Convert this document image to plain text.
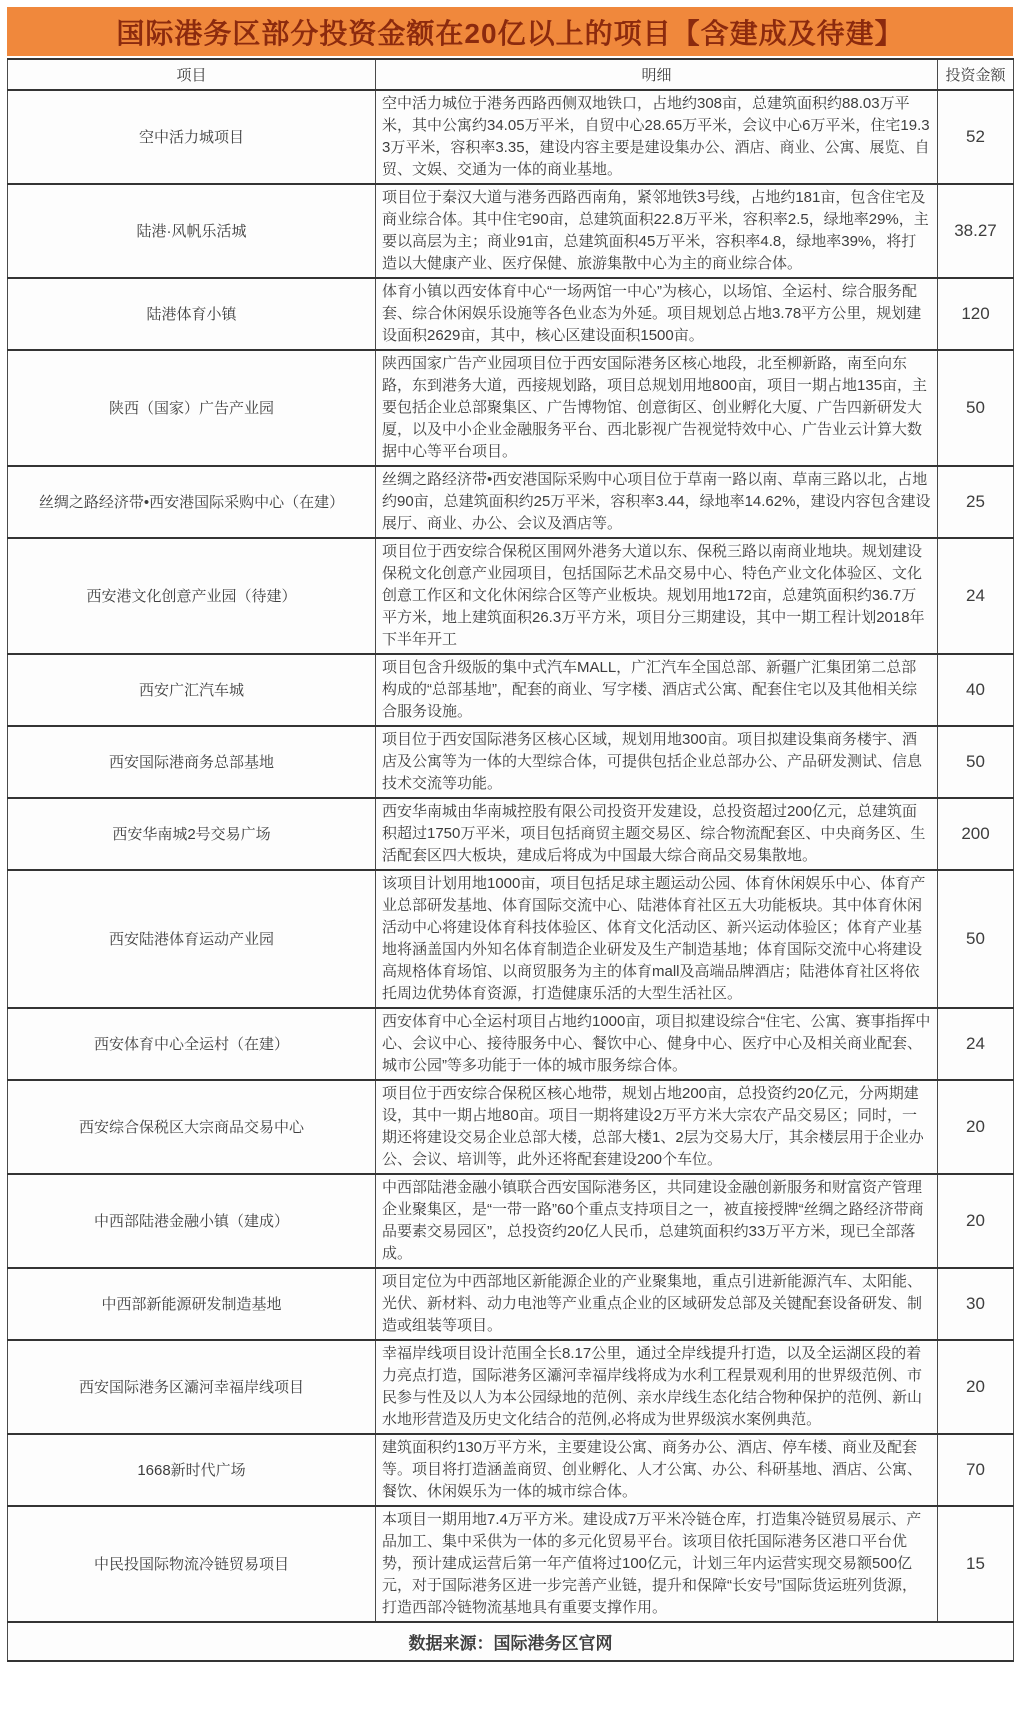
国际港务区部分投资金额在20亿以上的项目【含建成及待建】
项目	明细	投资金额
空中活力城项目	空中活力城位于港务西路西侧双地铁口，占地约308亩，总建筑面积约88.03万平米，其中公寓约34.05万平米，自贸中心28.65万平米，会议中心6万平米，住宅19.33万平米，容积率3.35，建设内容主要是建设集办公、酒店、商业、公寓、展览、自贸、文娱、交通为一体的商业基地。	52
陆港·风帆乐活城	项目位于秦汉大道与港务西路西南角，紧邻地铁3号线，占地约181亩，包含住宅及商业综合体。其中住宅90亩，总建筑面积22.8万平米，容积率2.5，绿地率29%，主要以高层为主；商业91亩，总建筑面积45万平米，容积率4.8，绿地率39%，将打造以大健康产业、医疗保健、旅游集散中心为主的商业综合体。	38.27
陆港体育小镇	体育小镇以西安体育中心“一场两馆一中心”为核心，以场馆、全运村、综合服务配套、综合休闲娱乐设施等各色业态为外延。项目规划总占地3.78平方公里，规划建设面积2629亩，其中，核心区建设面积1500亩。	120
陕西（国家）广告产业园	陕西国家广告产业园项目位于西安国际港务区核心地段，北至柳新路，南至向东路，东到港务大道，西接规划路，项目总规划用地800亩，项目一期占地135亩，主要包括企业总部聚集区、广告博物馆、创意街区、创业孵化大厦、广告四新研发大厦，以及中小企业金融服务平台、西北影视广告视觉特效中心、广告业云计算大数据中心等平台项目。	50
丝绸之路经济带•西安港国际采购中心（在建）	丝绸之路经济带•西安港国际采购中心项目位于草南一路以南、草南三路以北，占地约90亩，总建筑面积约25万平米，容积率3.44，绿地率14.62%，建设内容包含建设展厅、商业、办公、会议及酒店等。	25
西安港文化创意产业园（待建）	项目位于西安综合保税区围网外港务大道以东、保税三路以南商业地块。规划建设保税文化创意产业园项目，包括国际艺术品交易中心、特色产业文化体验区、文化创意工作区和文化休闲综合区等产业板块。规划用地172亩，总建筑面积约36.7万平方米，地上建筑面积26.3万平方米，项目分三期建设，其中一期工程计划2018年下半年开工	24
西安广汇汽车城	项目包含升级版的集中式汽车MALL，广汇汽车全国总部、新疆广汇集团第二总部构成的“总部基地”，配套的商业、写字楼、酒店式公寓、配套住宅以及其他相关综合服务设施。	40
西安国际港商务总部基地	项目位于西安国际港务区核心区域，规划用地300亩。项目拟建设集商务楼宇、酒店及公寓等为一体的大型综合体，可提供包括企业总部办公、产品研发测试、信息技术交流等功能。	50
西安华南城2号交易广场	西安华南城由华南城控股有限公司投资开发建设，总投资超过200亿元，总建筑面积超过1750万平米，项目包括商贸主题交易区、综合物流配套区、中央商务区、生活配套区四大板块，建成后将成为中国最大综合商品交易集散地。	200
西安陆港体育运动产业园	该项目计划用地1000亩，项目包括足球主题运动公园、体育休闲娱乐中心、体育产业总部研发基地、体育国际交流中心、陆港体育社区五大功能板块。其中体育休闲活动中心将建设体育科技体验区、体育文化活动区、新兴运动体验区；体育产业基地将涵盖国内外知名体育制造企业研发及生产制造基地；体育国际交流中心将建设高规格体育场馆、以商贸服务为主的体育mall及高端品牌酒店；陆港体育社区将依托周边优势体育资源，打造健康乐活的大型生活社区。	50
西安体育中心全运村（在建）	西安体育中心全运村项目占地约1000亩，项目拟建设综合“住宅、公寓、赛事指挥中心、会议中心、接待服务中心、餐饮中心、健身中心、医疗中心及相关商业配套、城市公园”等多功能于一体的城市服务综合体。	24
西安综合保税区大宗商品交易中心	项目位于西安综合保税区核心地带，规划占地200亩，总投资约20亿元，分两期建设，其中一期占地80亩。项目一期将建设2万平方米大宗农产品交易区；同时，一期还将建设交易企业总部大楼，总部大楼1、2层为交易大厅，其余楼层用于企业办公、会议、培训等，此外还将配套建设200个车位。	20
中西部陆港金融小镇（建成）	中西部陆港金融小镇联合西安国际港务区，共同建设金融创新服务和财富资产管理企业聚集区，是“一带一路”60个重点支持项目之一，被直接授牌“丝绸之路经济带商品要素交易园区”，总投资约20亿人民币，总建筑面积约33万平方米，现已全部落成。	20
中西部新能源研发制造基地	项目定位为中西部地区新能源企业的产业聚集地，重点引进新能源汽车、太阳能、光伏、新材料、动力电池等产业重点企业的区域研发总部及关键配套设备研发、制造或组装等项目。	30
西安国际港务区灞河幸福岸线项目	幸福岸线项目设计范围全长8.17公里，通过全岸线提升打造，以及全运湖区段的着力亮点打造，国际港务区灞河幸福岸线将成为水利工程景观利用的世界级范例、市民参与性及以人为本公园绿地的范例、亲水岸线生态化结合物种保护的范例、新山水地形营造及历史文化结合的范例,必将成为世界级滨水案例典范。	20
1668新时代广场	建筑面积约130万平方米，主要建设公寓、商务办公、酒店、停车楼、商业及配套等。项目将打造涵盖商贸、创业孵化、人才公寓、办公、科研基地、酒店、公寓、餐饮、休闲娱乐为一体的城市综合体。	70
中民投国际物流冷链贸易项目	本项目一期用地7.4万平方米。建设成7万平米冷链仓库，打造集冷链贸易展示、产品加工、集中采供为一体的多元化贸易平台。该项目依托国际港务区港口平台优势，预计建成运营后第一年产值将过100亿元，计划三年内运营实现交易额500亿元，对于国际港务区进一步完善产业链，提升和保障“长安号”国际货运班列货源，打造西部冷链物流基地具有重要支撑作用。	15
数据来源：国际港务区官网		
